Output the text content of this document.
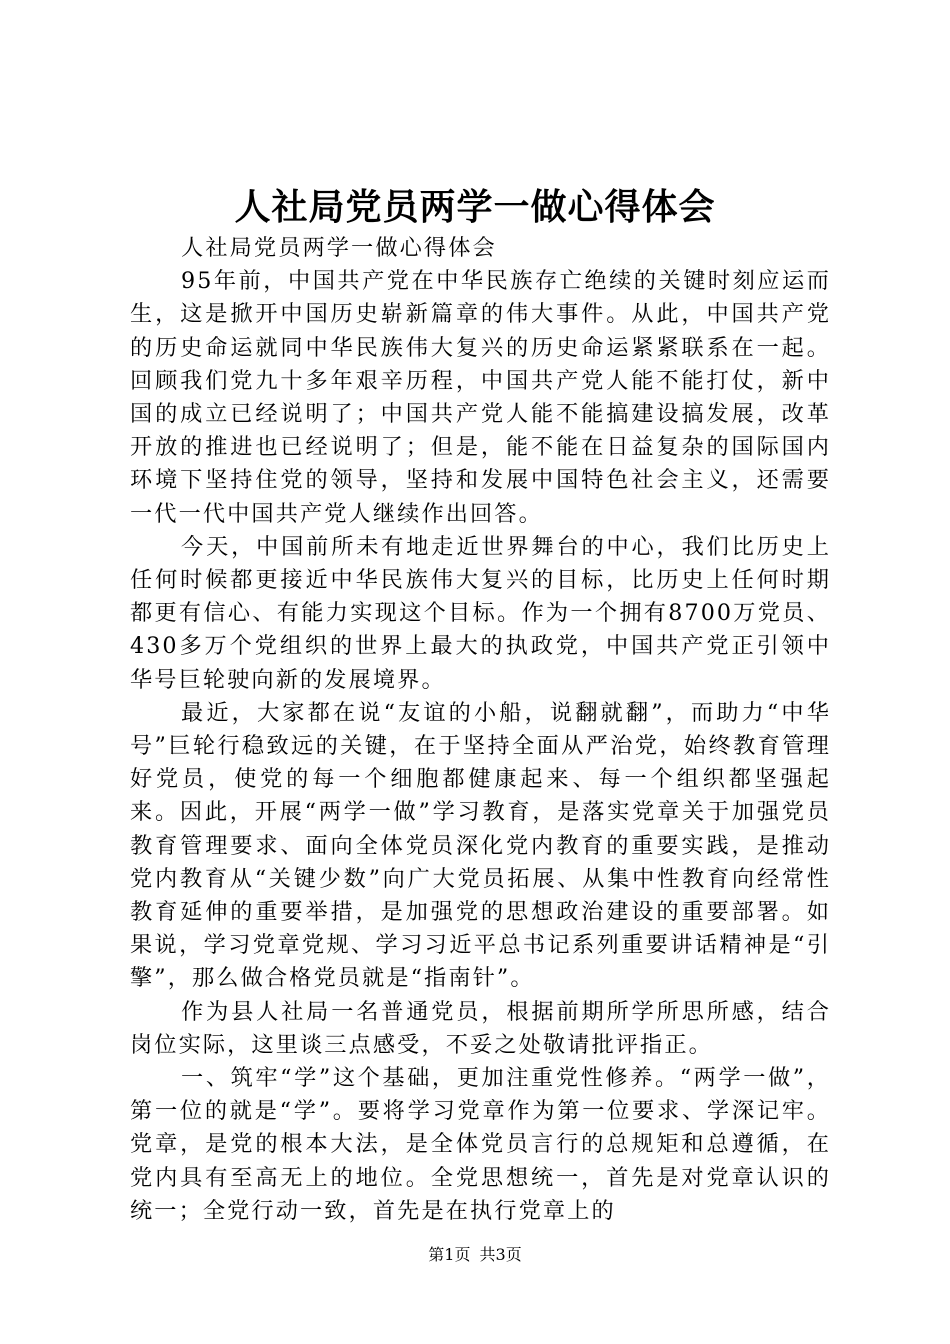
人社局党员两学一做心得体会

人社局党员两学一做心得体会

95年前，中国共产党在中华民族存亡绝续的关键时刻应运而生，这是掀开中国历史崭新篇章的伟大事件。从此，中国共产党的历史命运就同中华民族伟大复兴的历史命运紧紧联系在一起。回顾我们党九十多年艰辛历程，中国共产党人能不能打仗，新中国的成立已经说明了；中国共产党人能不能搞建设搞发展，改革开放的推进也已经说明了；但是，能不能在日益复杂的国际国内环境下坚持住党的领导，坚持和发展中国特色社会主义，还需要一代一代中国共产党人继续作出回答。

今天，中国前所未有地走近世界舞台的中心，我们比历史上任何时候都更接近中华民族伟大复兴的目标，比历史上任何时期都更有信心、有能力实现这个目标。作为一个拥有8700万党员、430多万个党组织的世界上最大的执政党，中国共产党正引领中华号巨轮驶向新的发展境界。

最近，大家都在说“友谊的小船，说翻就翻”，而助力“中华号”巨轮行稳致远的关键，在于坚持全面从严治党，始终教育管理好党员，使党的每一个细胞都健康起来、每一个组织都坚强起来。因此，开展“两学一做”学习教育，是落实党章关于加强党员教育管理要求、面向全体党员深化党内教育的重要实践，是推动党内教育从“关键少数”向广大党员拓展、从集中性教育向经常性教育延伸的重要举措，是加强党的思想政治建设的重要部署。如果说，学习党章党规、学习习近平总书记系列重要讲话精神是“引擎”，那么做合格党员就是“指南针”。

作为县人社局一名普通党员，根据前期所学所思所感，结合岗位实际，这里谈三点感受，不妥之处敬请批评指正。

一、筑牢“学”这个基础，更加注重党性修养。“两学一做”，第一位的就是“学”。要将学习党章作为第一位要求、学深记牢。党章，是党的根本大法，是全体党员言行的总规矩和总遵循，在党内具有至高无上的地位。全党思想统一，首先是对党章认识的统一；全党行动一致，首先是在执行党章上的

第1页 共3页
